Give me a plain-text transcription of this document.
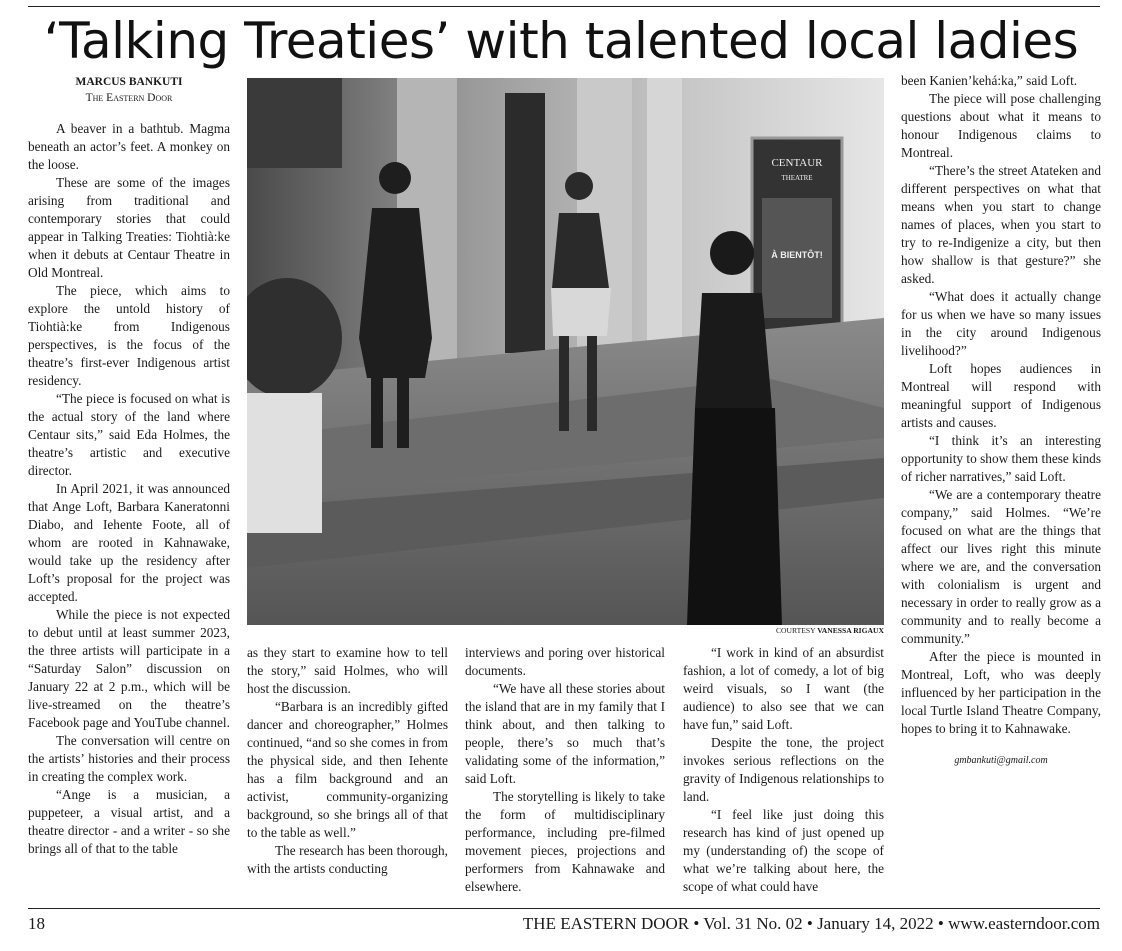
‘Talking Treaties’ with talented local ladies
MARCUS BANKUTI
The Eastern Door

A beaver in a bathtub. Magma beneath an actor’s feet. A monkey on the loose.

These are some of the images arising from traditional and contemporary stories that could appear in Talking Treaties: Tiohtià:ke when it debuts at Centaur Theatre in Old Montreal.

The piece, which aims to explore the untold history of Tiohtià:ke from Indigenous perspectives, is the focus of the theatre’s first-ever Indigenous artist residency.

“The piece is focused on what is the actual story of the land where Centaur sits,” said Eda Holmes, the theatre’s artistic and executive director.

In April 2021, it was announced that Ange Loft, Barbara Kaneratonni Diabo, and Iehente Foote, all of whom are rooted in Kahnawake, would take up the residency after Loft’s proposal for the project was accepted.

While the piece is not expected to debut until at least summer 2023, the three artists will participate in a “Saturday Salon” discussion on January 22 at 2 p.m., which will be live-streamed on the theatre’s Facebook page and YouTube channel.

The conversation will centre on the artists’ histories and their process in creating the complex work.

“Ange is a musician, a puppeteer, a visual artist, and a theatre director - and a writer - so she brings all of that to the table

CENTAUR
THEATRE
À BIENTÔT!
COURTESY VANESSA RIGAUX

as they start to examine how to tell the story,” said Holmes, who will host the discussion.

“Barbara is an incredibly gifted dancer and choreographer,” Holmes continued, “and so she comes in from the physical side, and then Iehente has a film background and an activist, community-organizing background, so she brings all of that to the table as well.”

The research has been thorough, with the artists conducting

interviews and poring over historical documents.

“We have all these stories about the island that are in my family that I think about, and then talking to people, there’s so much that’s validating some of the information,” said Loft.

The storytelling is likely to take the form of multidisciplinary performance, including pre-filmed movement pieces, projections and performers from Kahnawake and elsewhere.

“I work in kind of an absurdist fashion, a lot of comedy, a lot of big weird visuals, so I want (the audience) to also see that we can have fun,” said Loft.

Despite the tone, the project invokes serious reflections on the gravity of Indigenous relationships to land.

“I feel like just doing this research has kind of just opened up my (understanding of) the scope of what we’re talking about here, the scope of what could have

been Kanien’kehá:ka,” said Loft.

The piece will pose challenging questions about what it means to honour Indigenous claims to Montreal.

“There’s the street Atateken and different perspectives on what that means when you start to change names of places, when you start to try to re-Indigenize a city, but then how shallow is that gesture?” she asked.

“What does it actually change for us when we have so many issues in the city around Indigenous livelihood?”

Loft hopes audiences in Montreal will respond with meaningful support of Indigenous artists and causes.

“I think it’s an interesting opportunity to show them these kinds of richer narratives,” said Loft.

“We are a contemporary theatre company,” said Holmes. “We’re focused on what are the things that affect our lives right this minute where we are, and the conversation with colonialism is urgent and necessary in order to really grow as a community and to really become a community.”

After the piece is mounted in Montreal, Loft, who was deeply influenced by her participation in the local Turtle Island Theatre Company, hopes to bring it to Kahnawake.

gmbankuti@gmail.com
18	THE EASTERN DOOR • Vol. 31 No. 02 • January 14, 2022 • www.easterndoor.com
